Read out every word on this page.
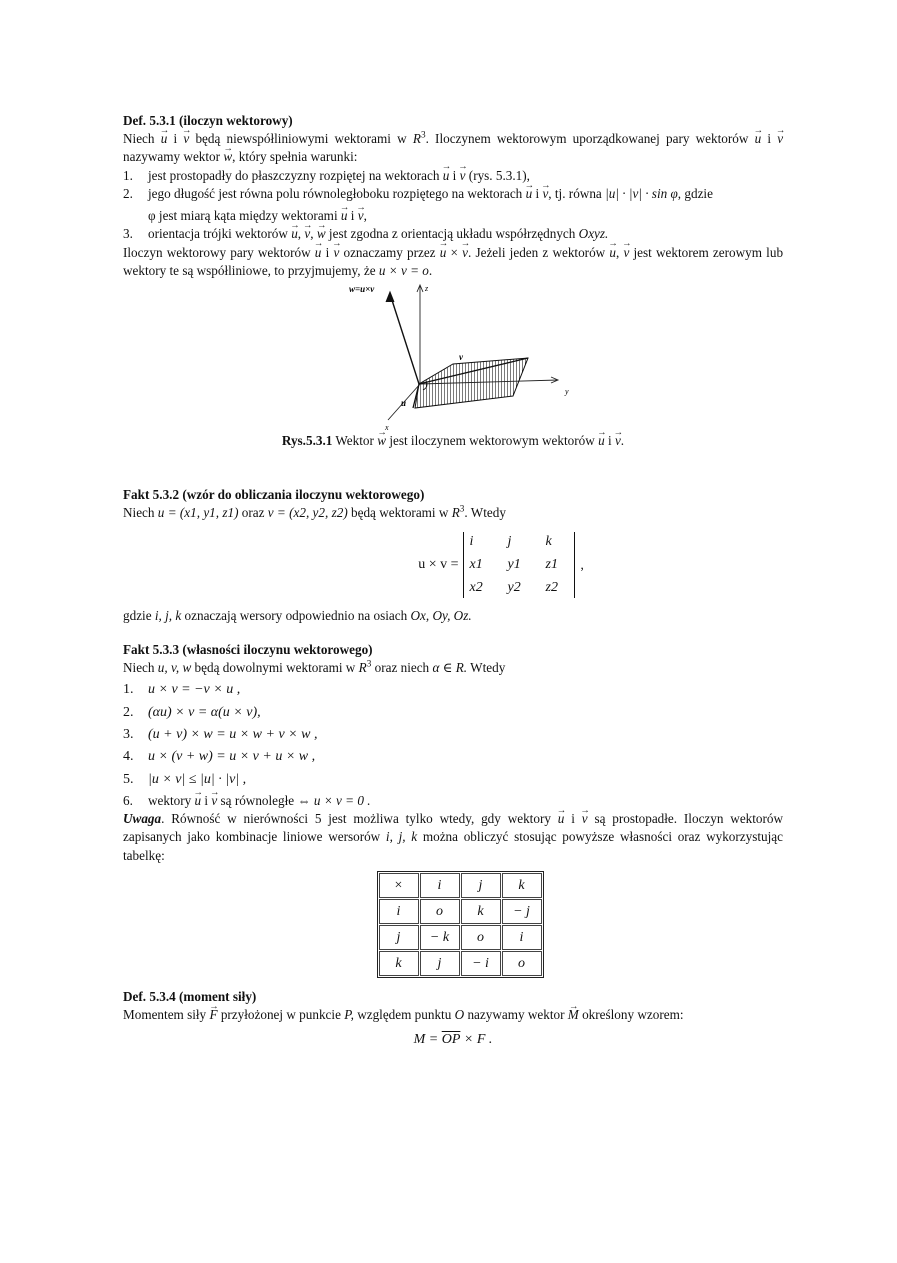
Def. 5.3.1 (iloczyn wektorowy)

Niech → u i → v będą niewspółliniowymi wektorami w $R^3$. Iloczynem wektorowym uporządkowanej pary wektorów → u i → v nazywamy wektor → w, który spełnia warunki:

1. jest prostopadły do płaszczyzny rozpiętej na wektorach → u i → v (rys. 5.3.1),
2. jego długość jest równa polu równoległoboku rozpiętego na wektorach → u i → v, tj. równa |u| · |v| · sin φ, gdzie
φ jest miarą kąta między wektorami → u i → v,
3. orientacja trójki wektorów → u, → v, → w jest zgodna z orientacją układu współrzędnych Oxyz.

Iloczyn wektorowy pary wektorów → u i → v oznaczamy przez → u × → v. Jeżeli jeden z wektorów → u, → v jest wektorem zerowym lub wektory te są współliniowe, to przyjmujemy, że u × v = o.

z
y
x
w=u×v
v
u

Rys.5.3.1 Wektor → w jest iloczynem wektorowym wektorów → u i → v.

Fakt 5.3.2 (wzór do obliczania iloczynu wektorowego)

Niech u = (x1, y1, z1) oraz v = (x2, y2, z2) będą wektorami w $R^3$. Wtedy

u × v =
i	j	k
x1	y1	z1
x2	y2	z2
,

gdzie i, j, k oznaczają wersory odpowiednio na osiach Ox, Oy, Oz.

Fakt 5.3.3 (własności iloczynu wektorowego)

Niech u, v, w będą dowolnymi wektorami w $R^3$ oraz niech α ∈ R. Wtedy

1. u × v = −v × u ,
2. (αu) × v = α(u × v),
3. (u + v) × w = u × w + v × w ,
4. u × (v + w) = u × v + u × w ,
5. |u × v| ≤ |u| · |v| ,
6. wektory → u i → v są równoległe ⇔ u × v = 0 .

Uwaga. Równość w nierówności 5 jest możliwa tylko wtedy, gdy wektory → u i → v są prostopadłe. Iloczyn wektorów zapisanych jako kombinacje liniowe wersorów i, j, k można obliczyć stosując powyższe własności oraz wykorzystując tabelkę:

×	i	j	k
i	o	k	− j
j	− k	o	i
k	j	− i	o

Def. 5.3.4 (moment siły)

Momentem siły → F przyłożonej w punkcie P, względem punktu O nazywamy wektor → M określony wzorem:

$M = \overline{OP} \times F$ .
